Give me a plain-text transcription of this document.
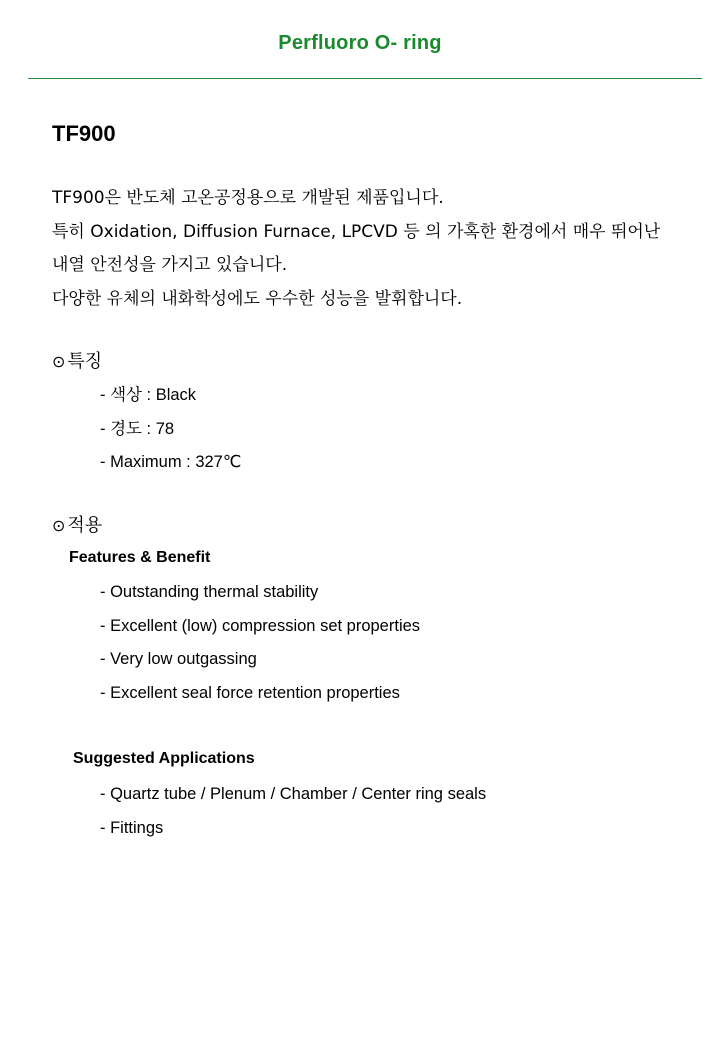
Perfluoro O- ring
TF900
TF900은 반도체 고온공정용으로 개발된 제품입니다.
특히 Oxidation, Diffusion Furnace, LPCVD 등 의 가혹한 환경에서 매우 뛰어난
내열 안전성을 가지고 있습니다.
다양한 유체의 내화학성에도 우수한 성능을 발휘합니다.
⊙ 특징
- 색상 : Black
- 경도 : 78
- Maximum : 327℃
⊙ 적용
Features & Benefit
- Outstanding thermal stability
- Excellent (low) compression set properties
- Very low outgassing
- Excellent seal force retention properties
Suggested Applications
- Quartz tube / Plenum / Chamber / Center ring seals
- Fittings
